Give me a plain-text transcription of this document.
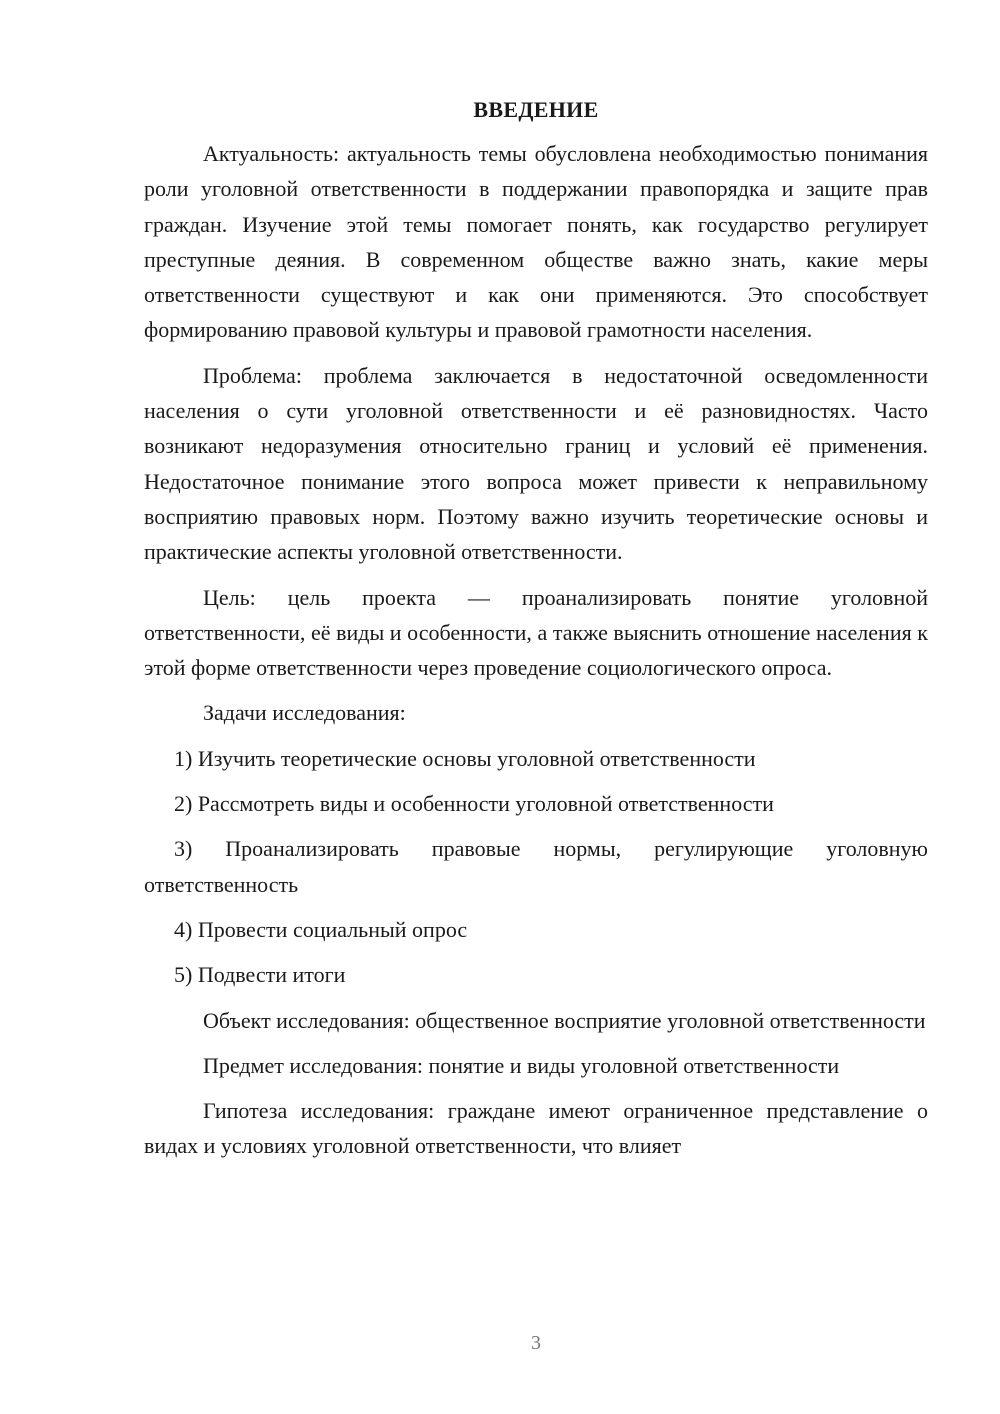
ВВЕДЕНИЕ

Актуальность: актуальность темы обусловлена необходимостью понимания роли уголовной ответственности в поддержании правопорядка и защите прав граждан. Изучение этой темы помогает понять, как государство регулирует преступные деяния. В современном обществе важно знать, какие меры ответственности существуют и как они применяются. Это способствует формированию правовой культуры и правовой грамотности населения.

Проблема: проблема заключается в недостаточной осведомленности населения о сути уголовной ответственности и её разновидностях. Часто возникают недоразумения относительно границ и условий её применения. Недостаточное понимание этого вопроса может привести к неправильному восприятию правовых норм. Поэтому важно изучить теоретические основы и практические аспекты уголовной ответственности.

Цель: цель проекта — проанализировать понятие уголовной ответственности, её виды и особенности, а также выяснить отношение населения к этой форме ответственности через проведение социологического опроса.

Задачи исследования:

1) Изучить теоретические основы уголовной ответственности

2) Рассмотреть виды и особенности уголовной ответственности

3) Проанализировать правовые нормы, регулирующие уголовную ответственность

4) Провести социальный опрос

5) Подвести итоги

Объект исследования: общественное восприятие уголовной ответственности

Предмет исследования: понятие и виды уголовной ответственности

Гипотеза исследования: граждане имеют ограниченное представление о видах и условиях уголовной ответственности, что влияет

3
